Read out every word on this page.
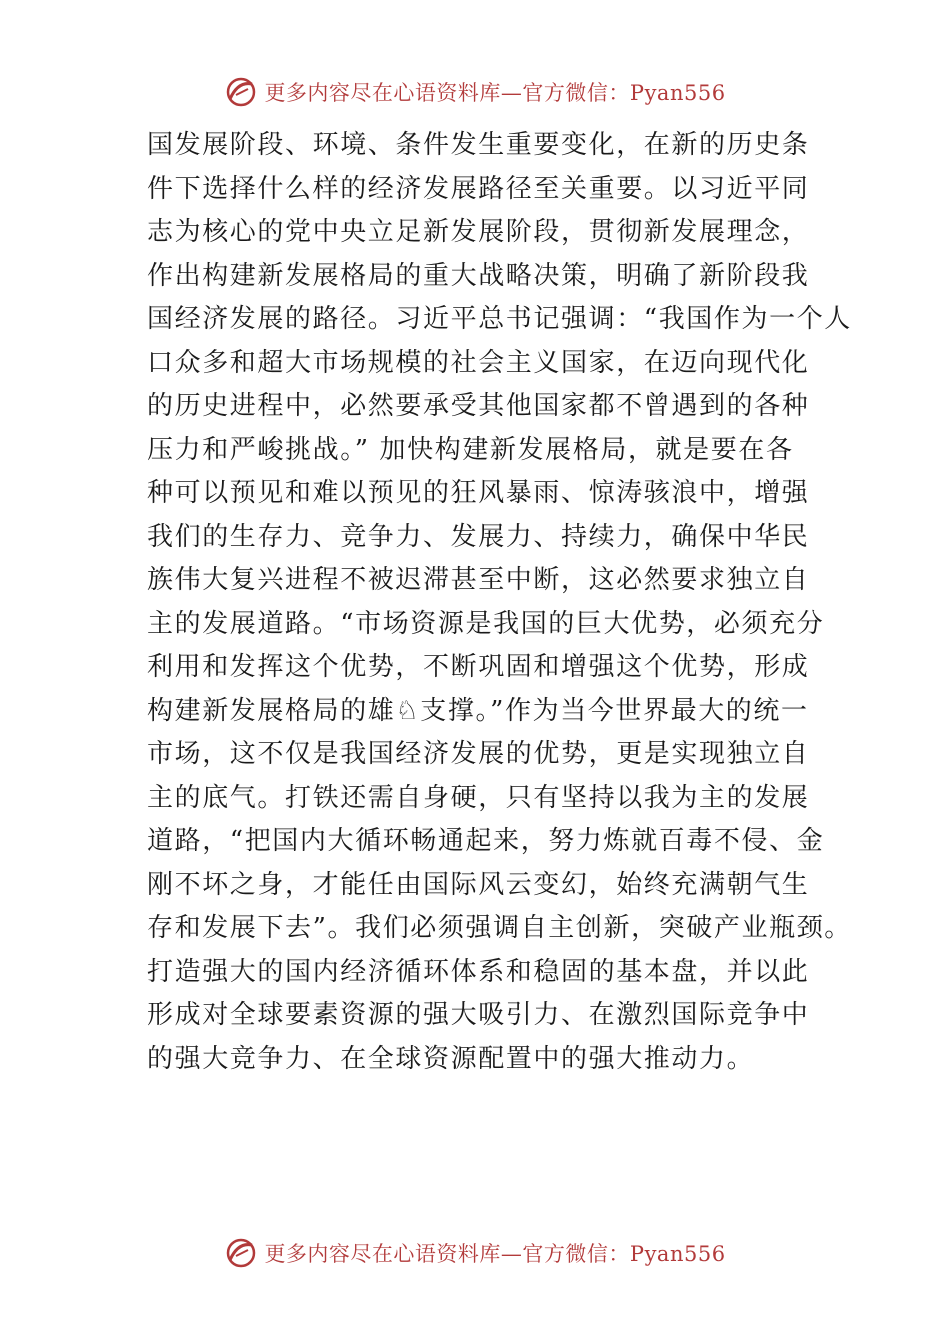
更多内容尽在心语资料库—官方微信：Pyan556
国发展阶段、环境、条件发生重要变化，在新的历史条
件下选择什么样的经济发展路径至关重要。以习近平同
志为核心的党中央立足新发展阶段，贯彻新发展理念，
作出构建新发展格局的重大战略决策，明确了新阶段我
国经济发展的路径。习近平总书记强调：“我国作为一个人
口众多和超大市场规模的社会主义国家，在迈向现代化
的历史进程中，必然要承受其他国家都不曾遇到的各种
压力和严峻挑战。” 加快构建新发展格局，就是要在各
种可以预见和难以预见的狂风暴雨、惊涛骇浪中，增强
我们的生存力、竞争力、发展力、持续力，确保中华民
族伟大复兴进程不被迟滞甚至中断，这必然要求独立自
主的发展道路。“市场资源是我国的巨大优势，必须充分
利用和发挥这个优势，不断巩固和增强这个优势，形成
构建新发展格局的雄♘支撑。”作为当今世界最大的统一
市场，这不仅是我国经济发展的优势，更是实现独立自
主的底气。打铁还需自身硬，只有坚持以我为主的发展
道路，“把国内大循环畅通起来，努力炼就百毒不侵、金
刚不坏之身，才能任由国际风云变幻，始终充满朝气生
存和发展下去”。我们必须强调自主创新，突破产业瓶颈。
打造强大的国内经济循环体系和稳固的基本盘，并以此
形成对全球要素资源的强大吸引力、在激烈国际竞争中
的强大竞争力、在全球资源配置中的强大推动力。
更多内容尽在心语资料库—官方微信：Pyan556
